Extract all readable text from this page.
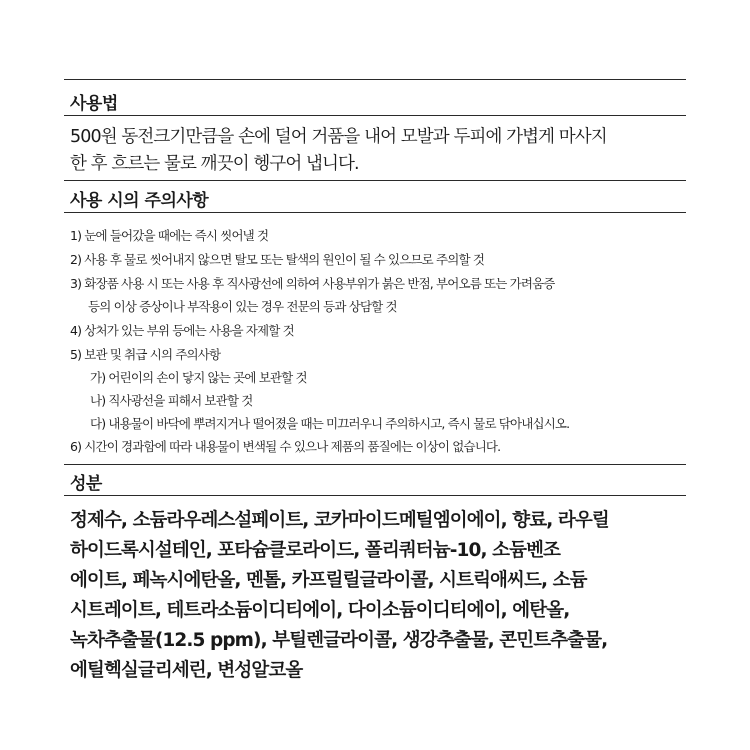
사용법
500원 동전크기만큼을 손에 덜어 거품을 내어 모발과 두피에 가볍게 마사지
한 후 흐르는 물로 깨끗이 헹구어 냅니다.
사용 시의 주의사항
1) 눈에 들어갔을 때에는 즉시 씻어낼 것
2) 사용 후 물로 씻어내지 않으면 탈모 또는 탈색의 원인이 될 수 있으므로 주의할 것
3) 화장품 사용 시 또는 사용 후 직사광선에 의하여 사용부위가 붉은 반점, 부어오름 또는 가려움증
등의 이상 증상이나 부작용이 있는 경우 전문의 등과 상담할 것
4) 상처가 있는 부위 등에는 사용을 자제할 것
5) 보관 및 취급 시의 주의사항
가) 어린이의 손이 닿지 않는 곳에 보관할 것
나) 직사광선을 피해서 보관할 것
다) 내용물이 바닥에 뿌려지거나 떨어졌을 때는 미끄러우니 주의하시고, 즉시 물로 닦아내십시오.
6) 시간이 경과함에 따라 내용물이 변색될 수 있으나 제품의 품질에는 이상이 없습니다.
성분
정제수, 소듐라우레스설페이트, 코카마이드메틸엠이에이, 향료, 라우릴
하이드록시설테인, 포타슘클로라이드, 폴리쿼터늄-10, 소듐벤조
에이트, 페녹시에탄올, 멘톨, 카프릴릴글라이콜, 시트릭애씨드, 소듐
시트레이트, 테트라소듐이디티에이, 다이소듐이디티에이, 에탄올,
녹차추출물(12.5 ppm), 부틸렌글라이콜, 생강추출물, 콘민트추출물,
에틸헥실글리세린, 변성알코올
